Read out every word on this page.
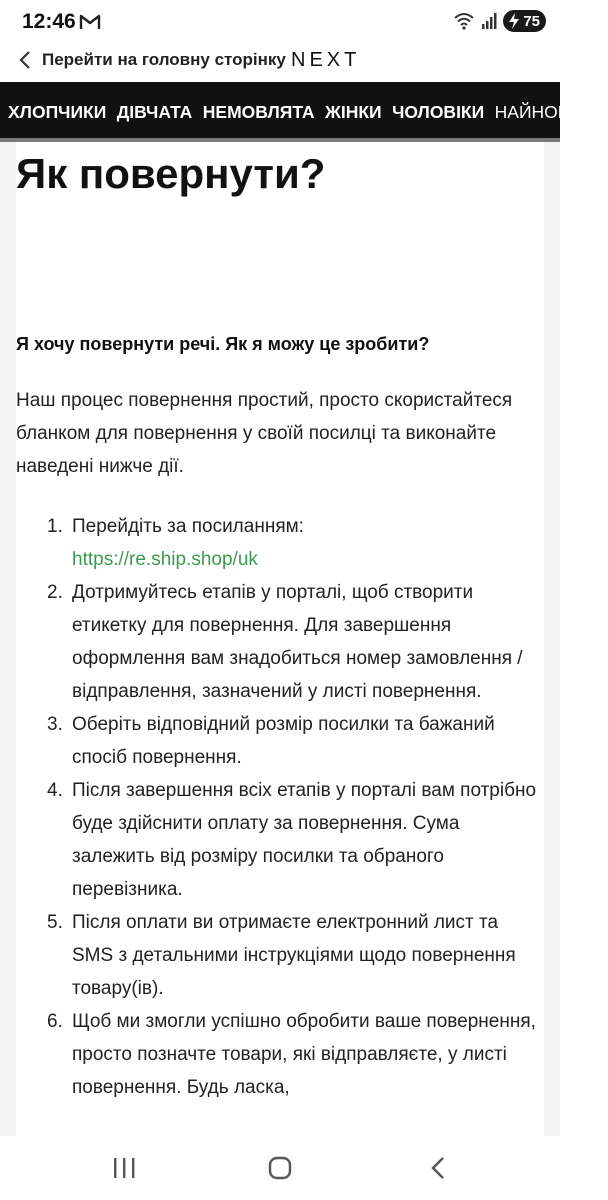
12:46	75
Перейти на головну сторінку NEXT
ХЛОПЧИКИ ДІВЧАТА НЕМОВЛЯТА ЖІНКИ ЧОЛОВІКИ НАЙНОВІШЕ
Як повернути?

Я хочу повернути речі. Як я можу це зробити?

Наш процес повернення простий, просто скористайтеся бланком для повернення у своїй посилці та виконайте наведені нижче дії.

1. Перейдіть за посиланням:
https://re.ship.shop/uk
2. Дотримуйтесь етапів у порталі, щоб створити етикетку для повернення. Для завершення оформлення вам знадобиться номер замовлення / відправлення, зазначений у листі повернення.
3. Оберіть відповідний розмір посилки та бажаний спосіб повернення.
4. Після завершення всіх етапів у порталі вам потрібно буде здійснити оплату за повернення. Сума залежить від розміру посилки та обраного перевізника.
5. Після оплати ви отримаєте електронний лист та SMS з детальними інструкціями щодо повернення товару(ів).
6. Щоб ми змогли успішно обробити ваше повернення, просто позначте товари, які відправляєте, у листі повернення. Будь ласка,
